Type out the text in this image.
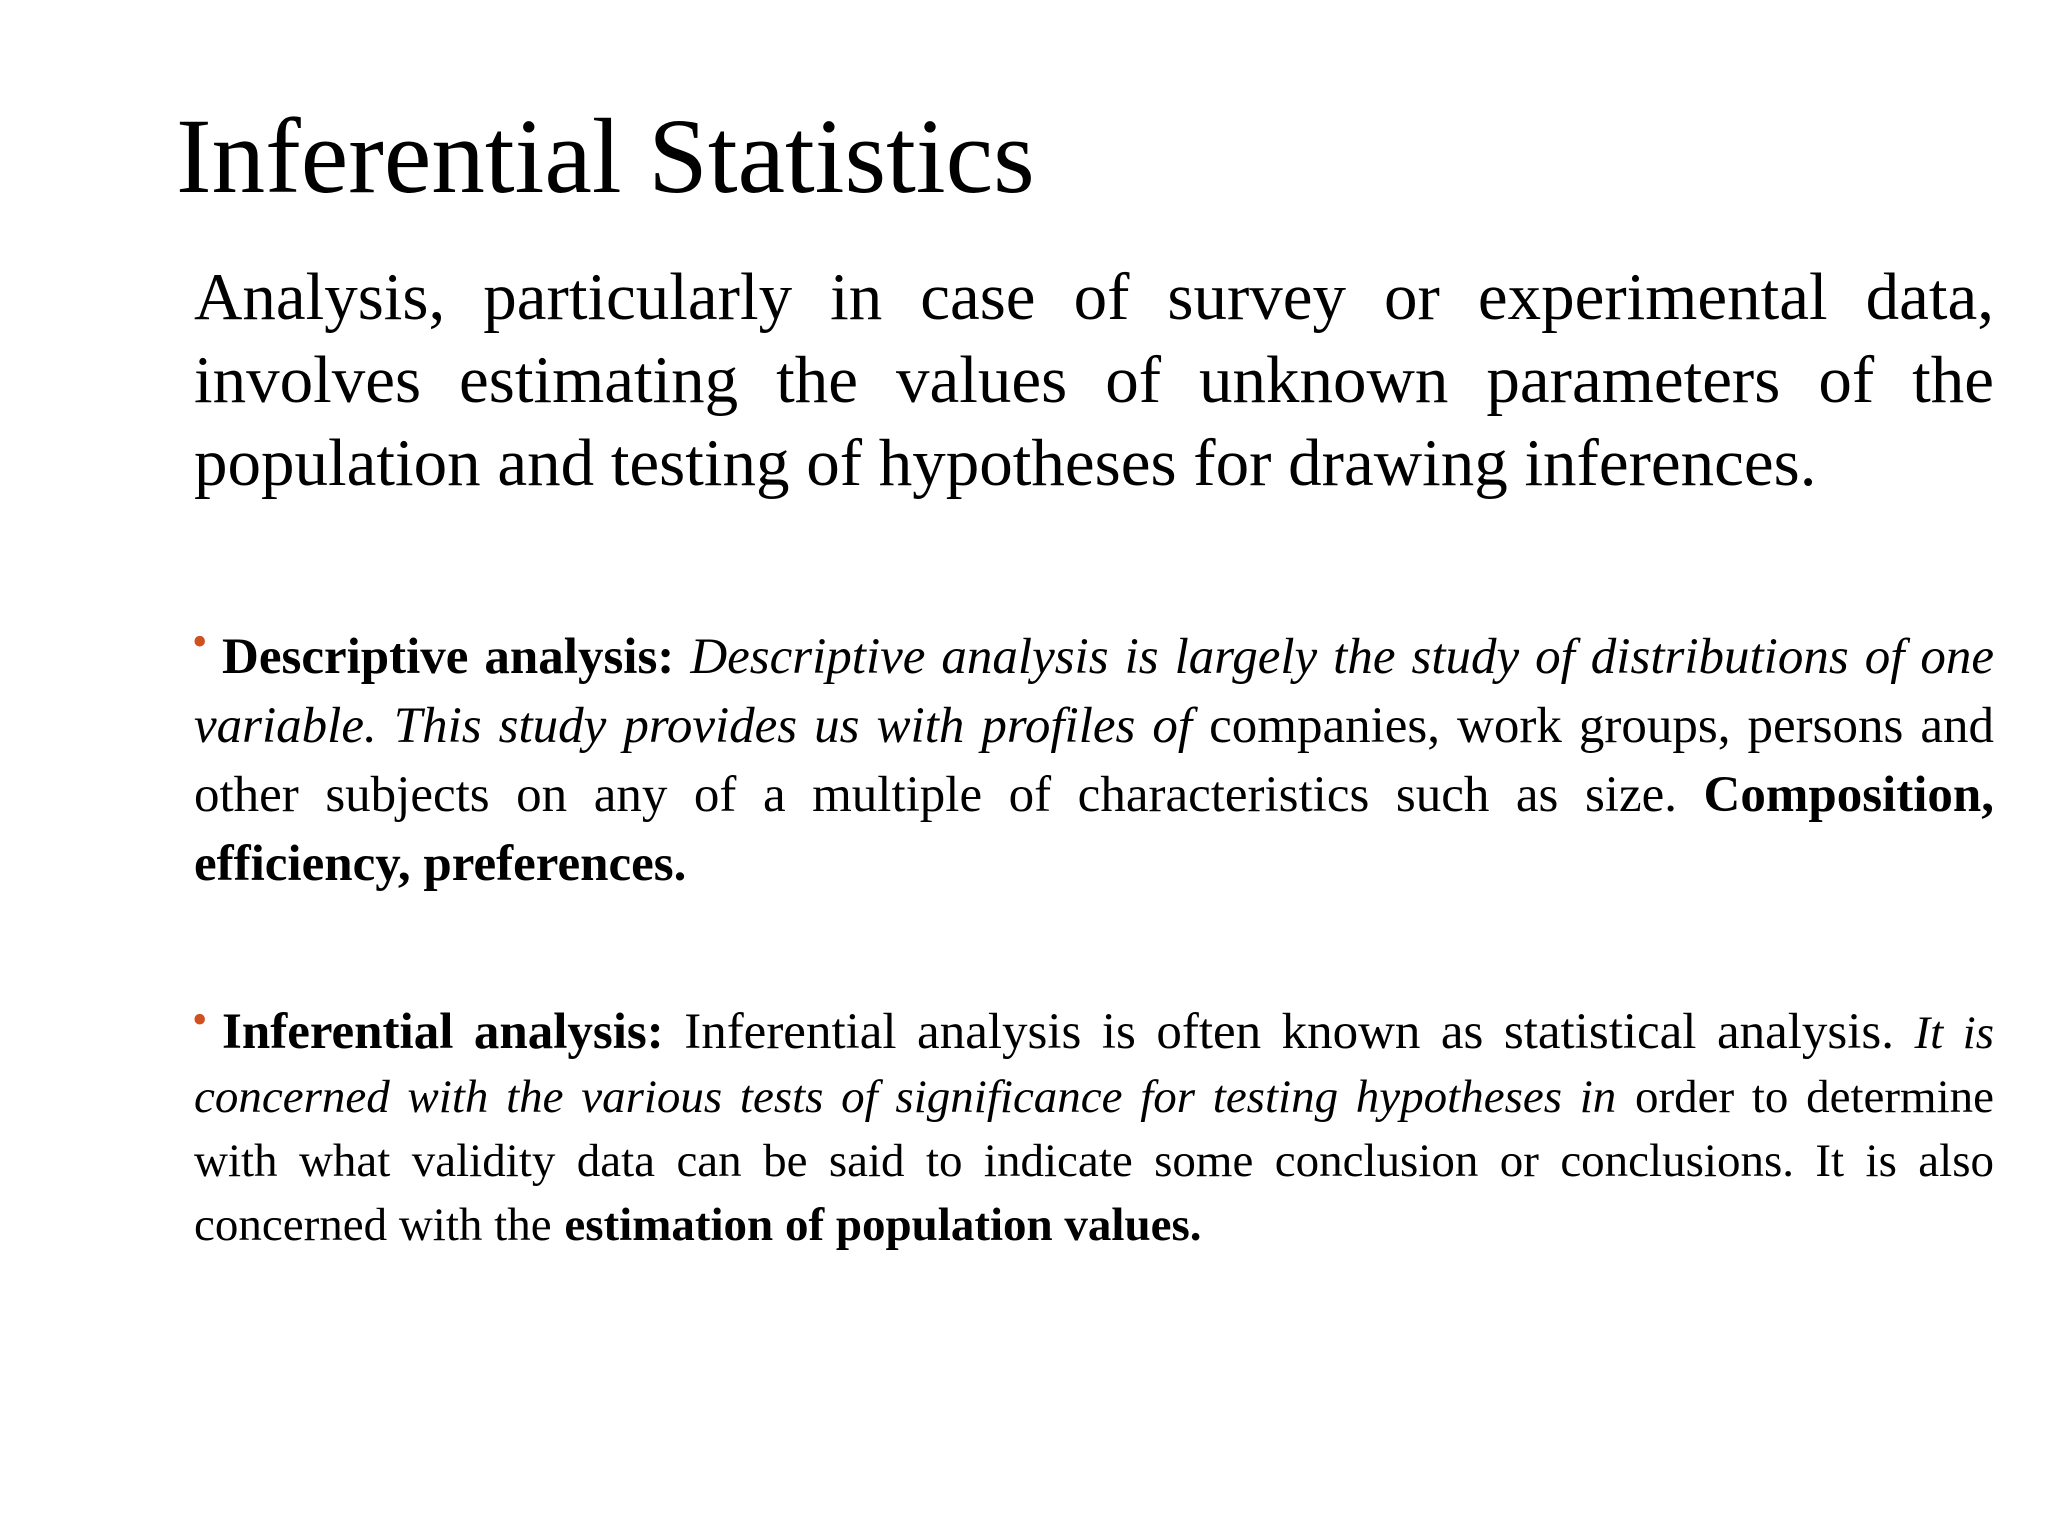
Inferential Statistics

Analysis, particularly in case of survey or experimental data, involves estimating the values of unknown parameters of the population and testing of hypotheses for drawing inferences.

• Descriptive analysis: Descriptive analysis is largely the study of distributions of one variable. This study provides us with profiles of companies, work groups, persons and other subjects on any of a multiple of characteristics such as size. Composition, efficiency, preferences.
• Inferential analysis: Inferential analysis is often known as statistical analysis. It is concerned with the various tests of significance for testing hypotheses in order to determine with what validity data can be said to indicate some conclusion or conclusions. It is also concerned with the estimation of population values.
